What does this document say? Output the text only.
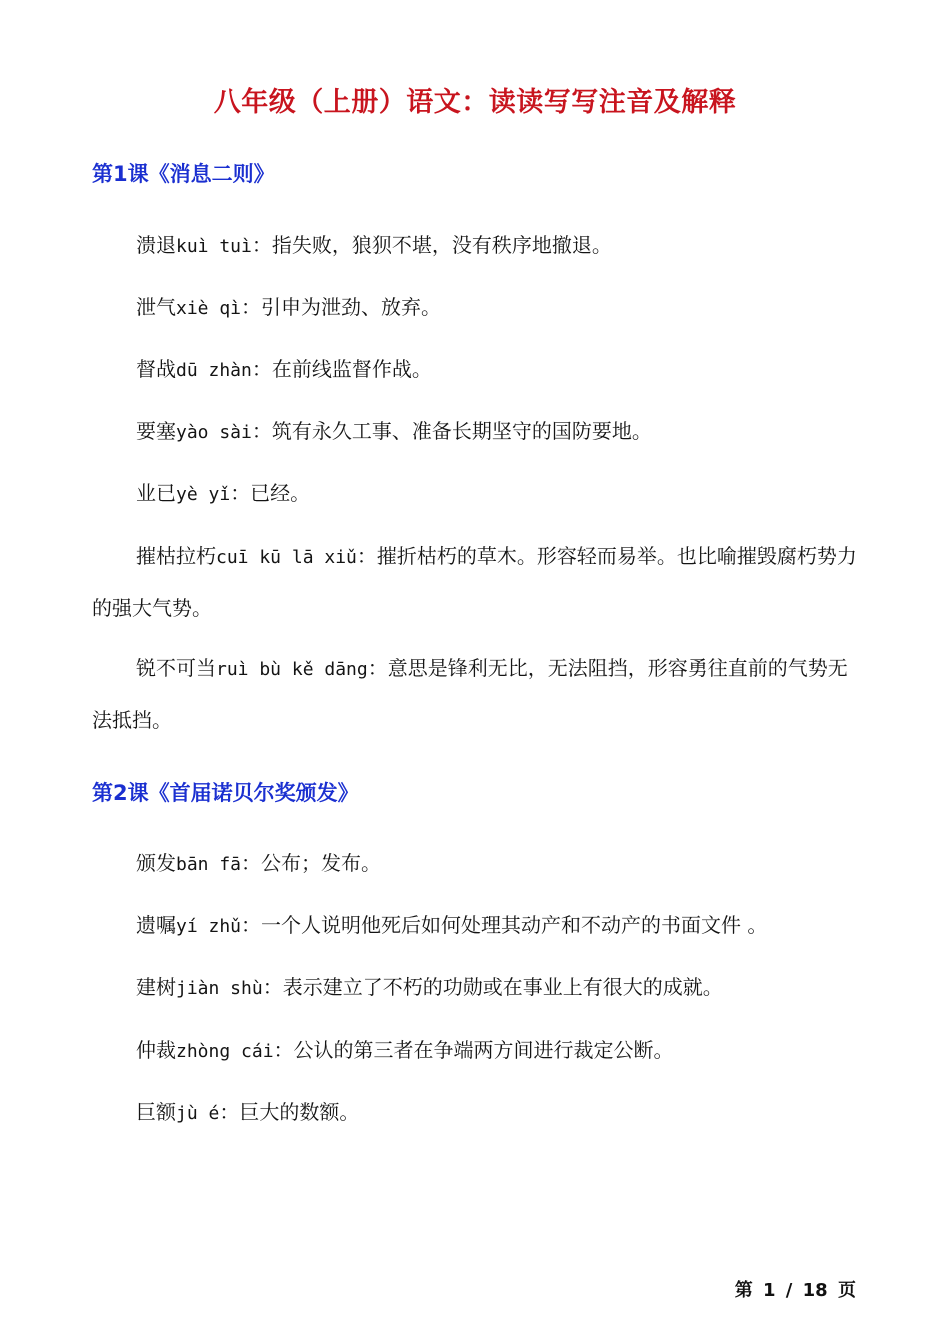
八年级（上册）语文：读读写写注音及解释
第1课《消息二则》
溃退kuì tuì：指失败，狼狈不堪，没有秩序地撤退。
泄气xiè qì：引申为泄劲、放弃。
督战dū zhàn：在前线监督作战。
要塞yào sài：筑有永久工事、准备长期坚守的国防要地。
业已yè yǐ：已经。
摧枯拉朽cuī kū lā xiǔ：摧折枯朽的草木。形容轻而易举。也比喻摧毁腐朽势力的强大气势。
锐不可当ruì bù kě dāng：意思是锋利无比，无法阻挡，形容勇往直前的气势无法抵挡。
第2课《首届诺贝尔奖颁发》
颁发bān fā：公布；发布。
遗嘱yí zhǔ：一个人说明他死后如何处理其动产和不动产的书面文件 。
建树jiàn shù：表示建立了不朽的功勋或在事业上有很大的成就。
仲裁zhòng cái：公认的第三者在争端两方间进行裁定公断。
巨额jù é：巨大的数额。
第 1 / 18 页
